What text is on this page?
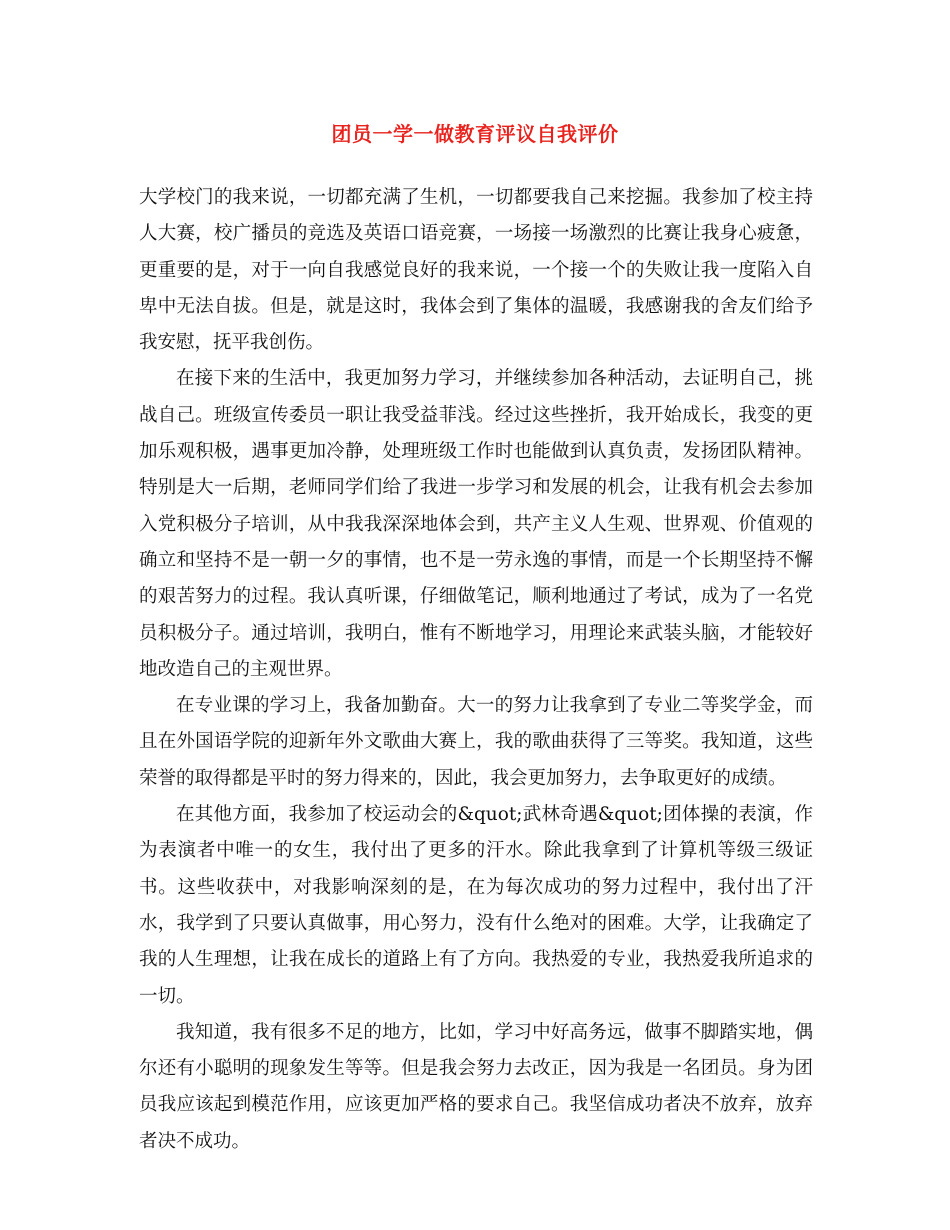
团员一学一做教育评议自我评价

大学校门的我来说，一切都充满了生机，一切都要我自己来挖掘。我参加了校主持人大赛，校广播员的竞选及英语口语竞赛，一场接一场激烈的比赛让我身心疲惫，更重要的是，对于一向自我感觉良好的我来说，一个接一个的失败让我一度陷入自卑中无法自拔。但是，就是这时，我体会到了集体的温暖，我感谢我的舍友们给予我安慰，抚平我创伤。

在接下来的生活中，我更加努力学习，并继续参加各种活动，去证明自己，挑战自己。班级宣传委员一职让我受益菲浅。经过这些挫折，我开始成长，我变的更加乐观积极，遇事更加冷静，处理班级工作时也能做到认真负责，发扬团队精神。特别是大一后期，老师同学们给了我进一步学习和发展的机会，让我有机会去参加入党积极分子培训，从中我我深深地体会到，共产主义人生观、世界观、价值观的确立和坚持不是一朝一夕的事情，也不是一劳永逸的事情，而是一个长期坚持不懈的艰苦努力的过程。我认真听课，仔细做笔记，顺利地通过了考试，成为了一名党员积极分子。通过培训，我明白，惟有不断地学习，用理论来武装头脑，才能较好地改造自己的主观世界。

在专业课的学习上，我备加勤奋。大一的努力让我拿到了专业二等奖学金，而且在外国语学院的迎新年外文歌曲大赛上，我的歌曲获得了三等奖。我知道，这些荣誉的取得都是平时的努力得来的，因此，我会更加努力，去争取更好的成绩。

在其他方面，我参加了校运动会的&quot;武林奇遇&quot;团体操的表演，作为表演者中唯一的女生，我付出了更多的汗水。除此我拿到了计算机等级三级证书。这些收获中，对我影响深刻的是，在为每次成功的努力过程中，我付出了汗水，我学到了只要认真做事，用心努力，没有什么绝对的困难。大学，让我确定了我的人生理想，让我在成长的道路上有了方向。我热爱的专业，我热爱我所追求的一切。

我知道，我有很多不足的地方，比如，学习中好高务远，做事不脚踏实地，偶尔还有小聪明的现象发生等等。但是我会努力去改正，因为我是一名团员。身为团员我应该起到模范作用，应该更加严格的要求自己。我坚信成功者决不放弃，放弃者决不成功。
